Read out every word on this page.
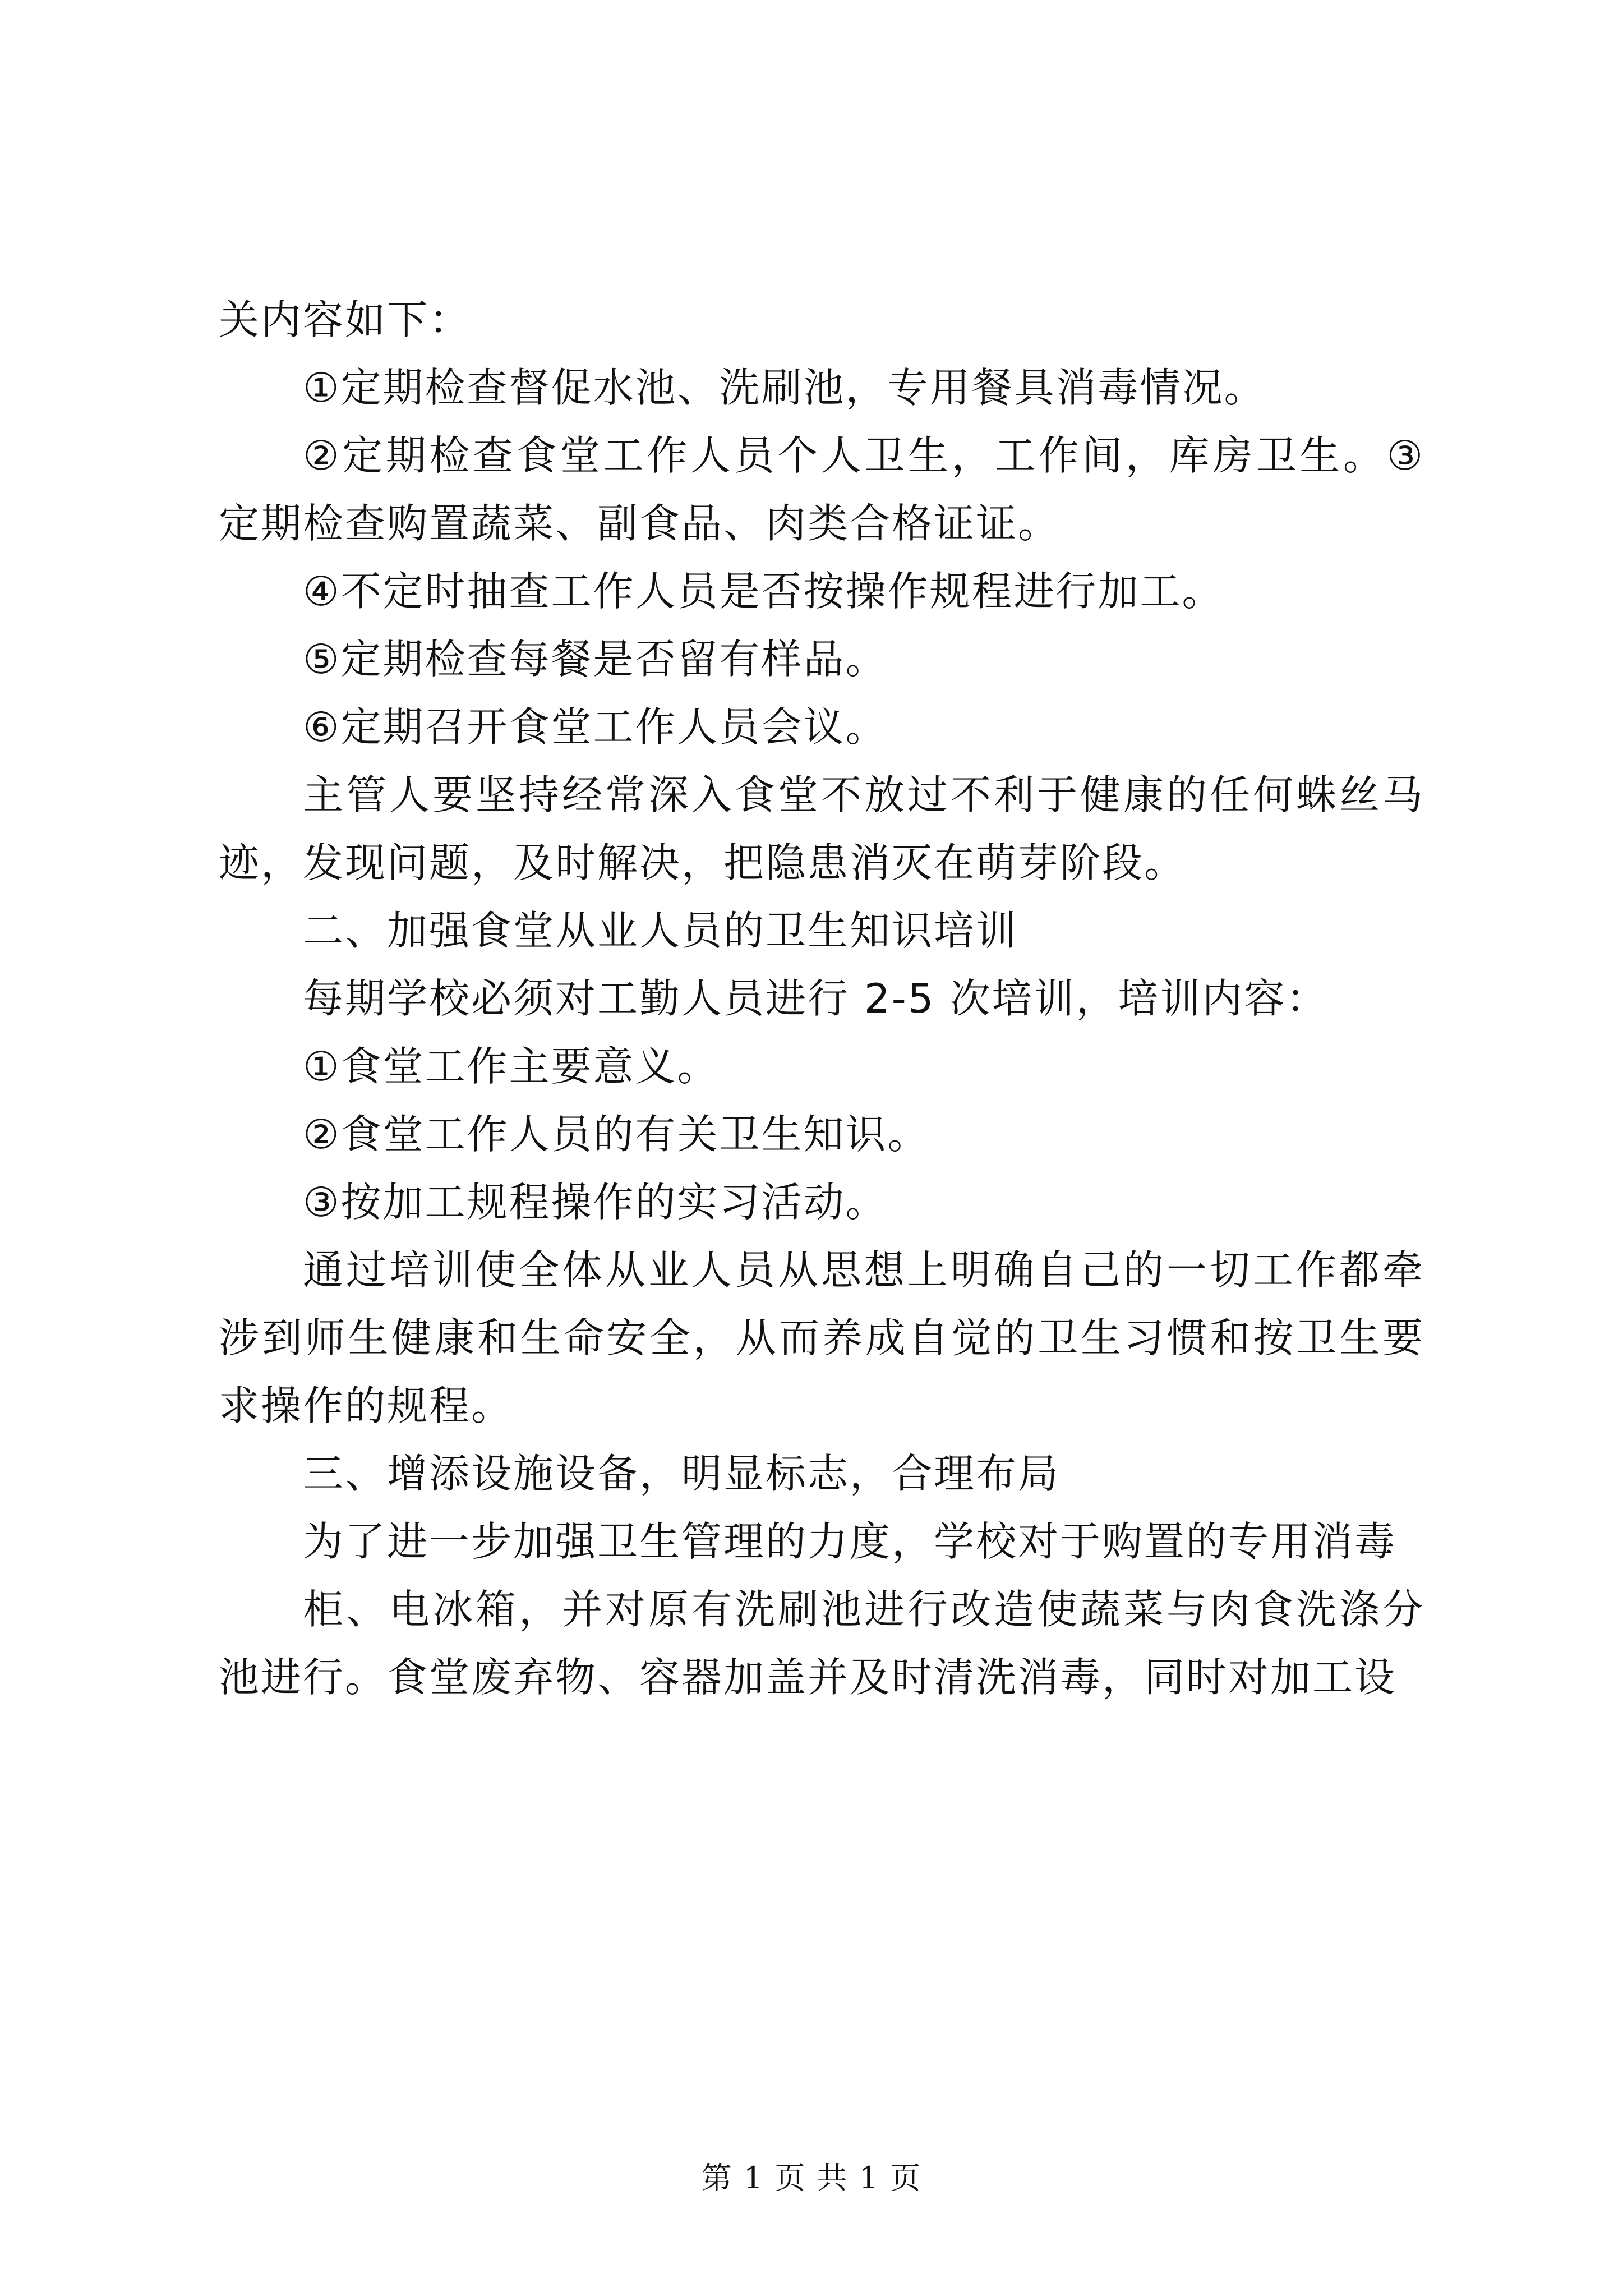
关内容如下：

①定期检查督促水池、洗刷池，专用餐具消毒情况。

②定期检查食堂工作人员个人卫生，工作间，库房卫生。③定期检查购置蔬菜、副食品、肉类合格证证。

④不定时抽查工作人员是否按操作规程进行加工。

⑤定期检查每餐是否留有样品。

⑥定期召开食堂工作人员会议。

主管人要坚持经常深入食堂不放过不利于健康的任何蛛丝马迹，发现问题，及时解决，把隐患消灭在萌芽阶段。

二、加强食堂从业人员的卫生知识培训

每期学校必须对工勤人员进行 2-5 次培训，培训内容：

①食堂工作主要意义。

②食堂工作人员的有关卫生知识。

③按加工规程操作的实习活动。

通过培训使全体从业人员从思想上明确自己的一切工作都牵涉到师生健康和生命安全，从而养成自觉的卫生习惯和按卫生要求操作的规程。

三、增添设施设备，明显标志，合理布局

为了进一步加强卫生管理的力度，学校对于购置的专用消毒

柜、电冰箱，并对原有洗刷池进行改造使蔬菜与肉食洗涤分池进行。食堂废弃物、容器加盖并及时清洗消毒，同时对加工设

第 1 页 共 1 页
